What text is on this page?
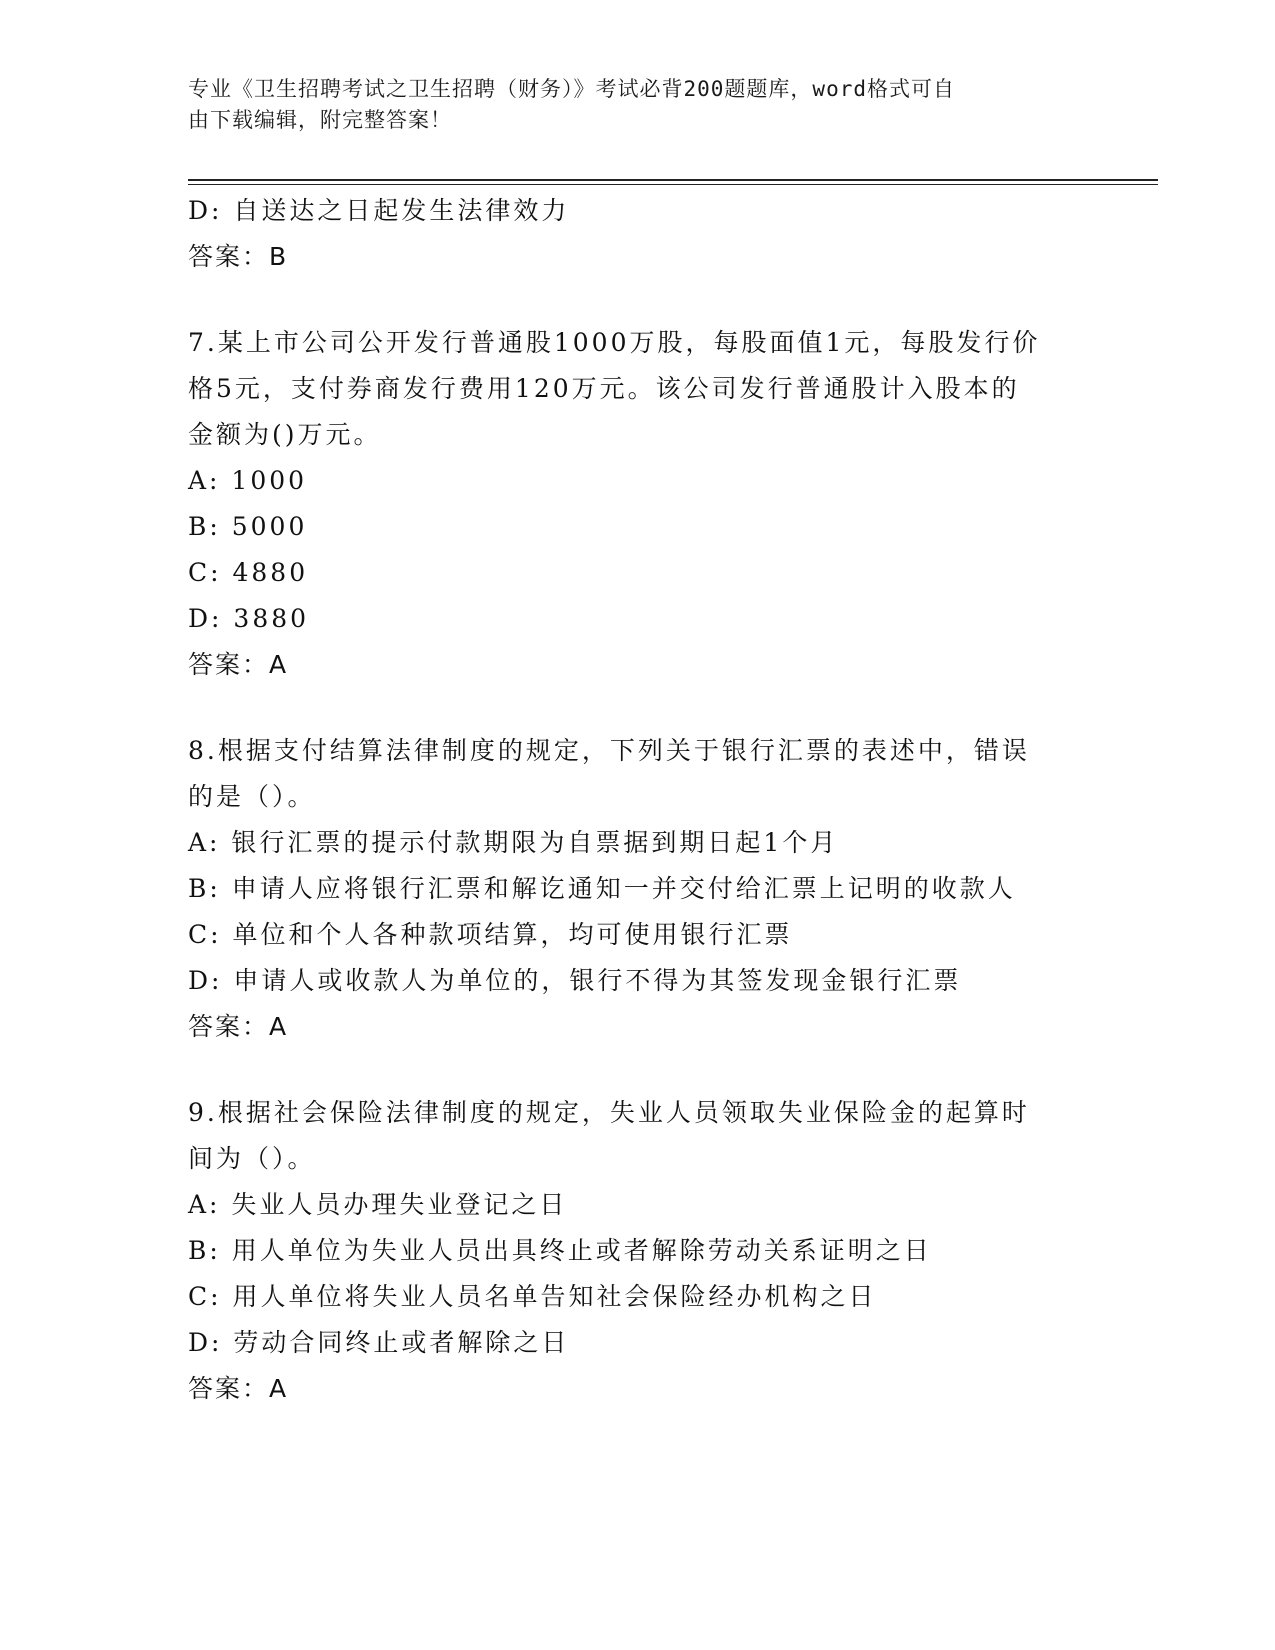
专业《卫生招聘考试之卫生招聘（财务）》考试必背200题题库，word格式可自
由下载编辑，附完整答案！
D: 自送达之日起发生法律效力
答案：B
7.某上市公司公开发行普通股1000万股，每股面值1元，每股发行价
格5元，支付券商发行费用120万元。该公司发行普通股计入股本的
金额为()万元。
A: 1000
B: 5000
C: 4880
D: 3880
答案：A
8.根据支付结算法律制度的规定，下列关于银行汇票的表述中，错误
的是（）。
A: 银行汇票的提示付款期限为自票据到期日起1个月
B: 申请人应将银行汇票和解讫通知一并交付给汇票上记明的收款人
C: 单位和个人各种款项结算，均可使用银行汇票
D: 申请人或收款人为单位的，银行不得为其签发现金银行汇票
答案：A
9.根据社会保险法律制度的规定，失业人员领取失业保险金的起算时
间为（）。
A: 失业人员办理失业登记之日
B: 用人单位为失业人员出具终止或者解除劳动关系证明之日
C: 用人单位将失业人员名单告知社会保险经办机构之日
D: 劳动合同终止或者解除之日
答案：A
